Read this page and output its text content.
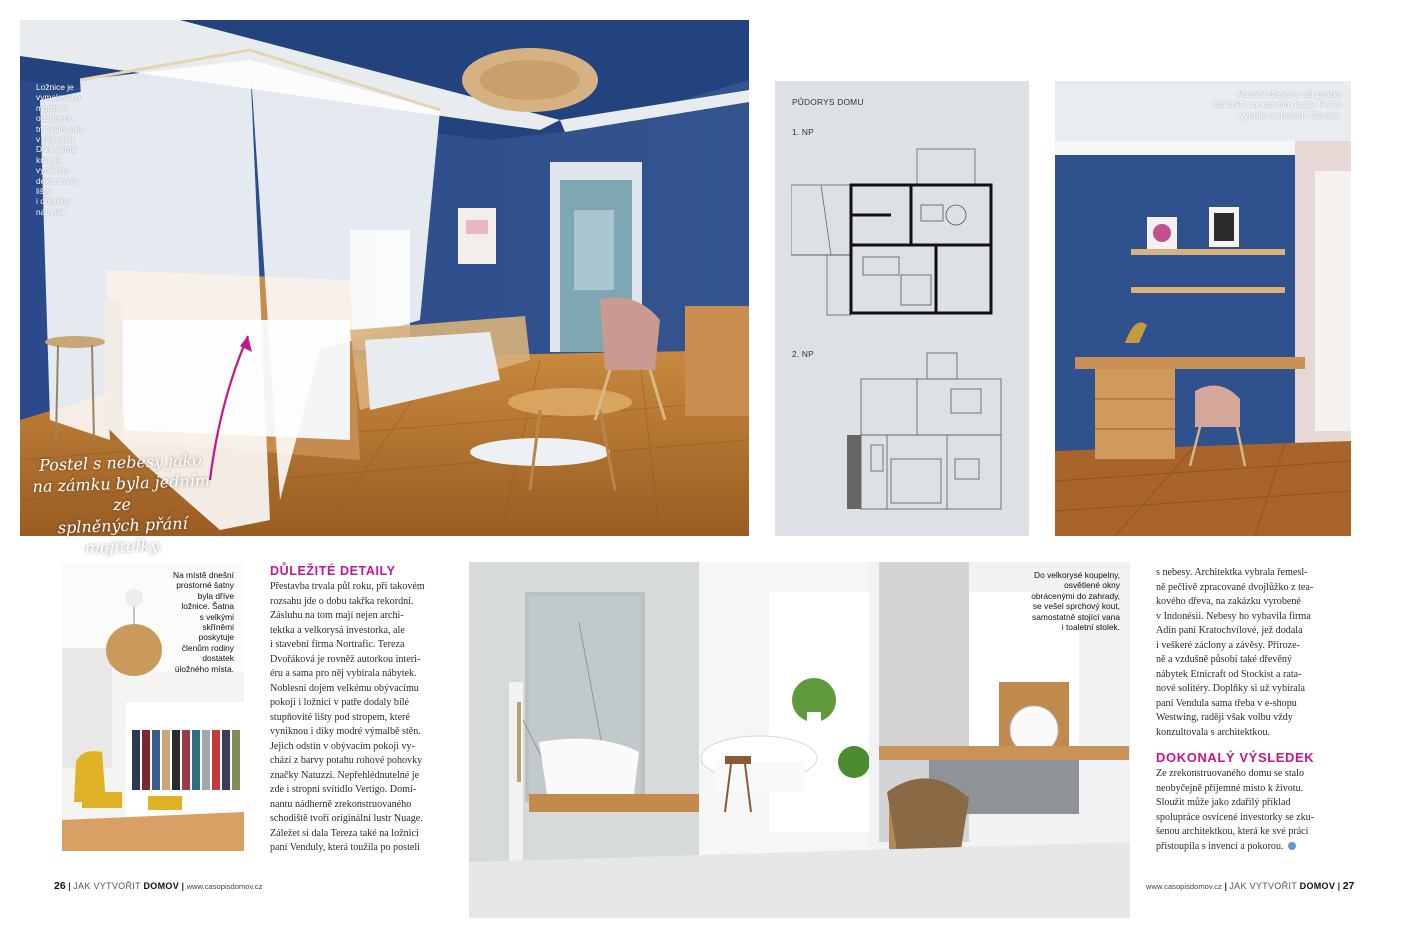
Ložnice je
vymalována
modrým
odstínem,
tmavším než
v obýváku.
Díky němu
krásně
vyniknou
dekorativní
lišty
i dřevěný
nábytek.
Postel s nebesy jako
na zámku byla jedním ze
splněných přání majitelky.
PŮDORYS DOMU
1. NP
2. NP
Masivní dřevěný stůl značky
Etnicraft v pracovním koutě Tereza
vybrala v obchodě Stockist.
Na místě dnešní
prostorné šatny
byla dříve
ložnice. Šatna
s velkými
skříněmi
poskytuje
členům rodiny
dostatek
úložného místa.
DŮLEŽITÉ DETAILY

Přestavba trvala půl roku, při takovém

rozsahu jde o dobu takřka rekordní.

Zásluhu na tom mají nejen archi-

tektka a velkorysá investorka, ale

i stavební firma Nortrafic. Tereza

Dvořáková je rovněž autorkou interi-

éru a sama pro něj vybírala nábytek.

Noblesní dojem velkému obývacímu

pokoji i ložnici v patře dodaly bílé

stupňovité lišty pod stropem, které

vyniknou i díky modré výmalbě stěn.

Jejich odstín v obývacím pokoji vy-

chází z barvy potahu rohové pohovky

značky Natuzzi. Nepřehlédnutelné je

zde i stropní svítidlo Vertigo. Domi-

nantu nádherně zrekonstruovaného

schodiště tvoří originální lustr Nuage.

Záležet si dala Tereza také na ložnici

paní Venduly, která toužila po posteli

Do velkorysé koupelny,
osvětlené okny
obrácenými do zahrady,
se vešel sprchový kout,
samostatně stojící vana
i toaletní stolek.

s nebesy. Architektka vybrala řemesl-

ně pečlivě zpracované dvojlůžko z tea-

kového dřeva, na zakázku vyrobené

v Indonésii. Nebesy ho vybavila firma

Adin paní Kratochvílové, jež dodala

i veškeré záclony a závěsy. Přiroze-

ně a vzdušně působí také dřevěný

nábytek Etnicraft od Stockist a rata-

nové solitéry. Doplňky si už vybírala

paní Vendula sama třeba v e-shopu

Westwing, raději však volbu vždy

konzultovala s architektkou.

DOKONALÝ VÝSLEDEK

Ze zrekonstruovaného domu se stalo

neobyčejně příjemné místo k životu.

Sloužit může jako zdařilý příklad

spolupráce osvícené investorky se zku-

šenou architektkou, která ke své práci

přistoupila s invencí a pokorou.

26 | JAK VYTVOŘIT DOMOV | www.casopisdomov.cz	www.casopisdomov.cz | JAK VYTVOŘIT DOMOV | 27
